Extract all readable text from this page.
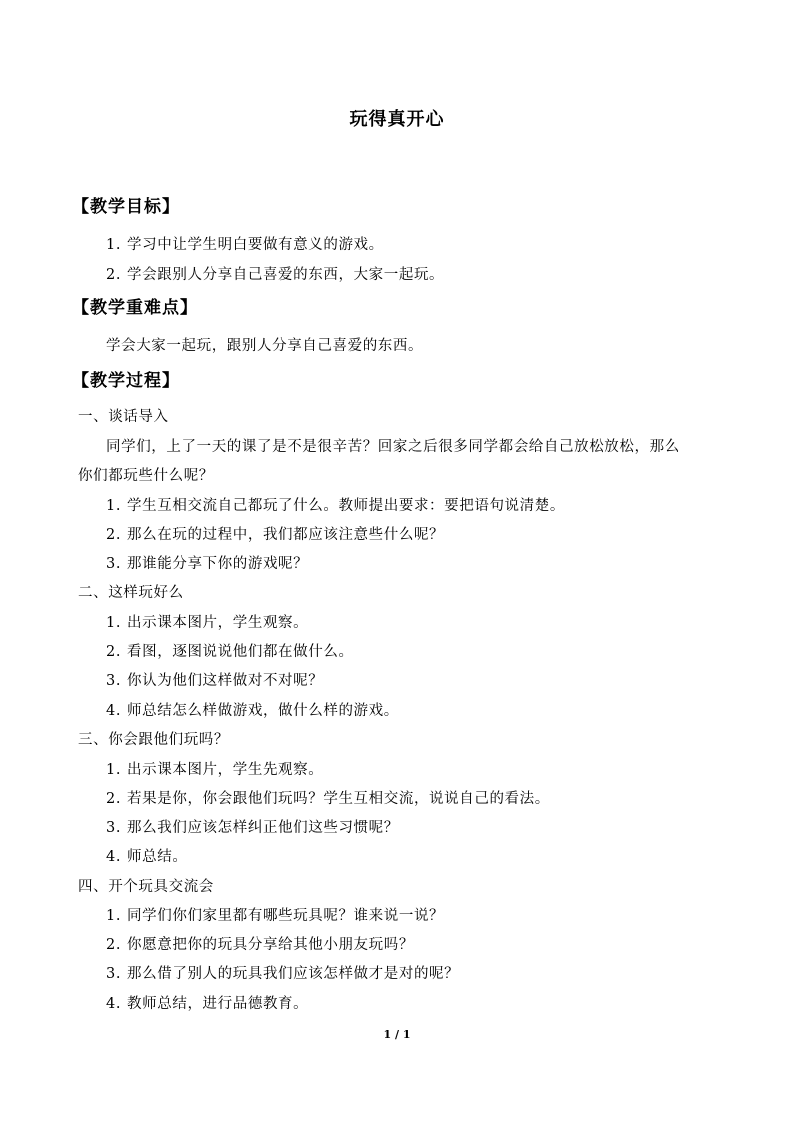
玩得真开心
【教学目标】
1. 学习中让学生明白要做有意义的游戏。
2. 学会跟别人分享自己喜爱的东西，大家一起玩。
【教学重难点】
学会大家一起玩，跟别人分享自己喜爱的东西。
【教学过程】
一、谈话导入
同学们，上了一天的课了是不是很辛苦？回家之后很多同学都会给自己放松放松，那么
你们都玩些什么呢？
1. 学生互相交流自己都玩了什么。教师提出要求：要把语句说清楚。
2. 那么在玩的过程中，我们都应该注意些什么呢？
3. 那谁能分享下你的游戏呢？
二、这样玩好么
1. 出示课本图片，学生观察。
2. 看图，逐图说说他们都在做什么。
3. 你认为他们这样做对不对呢？
4. 师总结怎么样做游戏，做什么样的游戏。
三、你会跟他们玩吗？
1. 出示课本图片，学生先观察。
2. 若果是你，你会跟他们玩吗？学生互相交流，说说自己的看法。
3. 那么我们应该怎样纠正他们这些习惯呢？
4. 师总结。
四、开个玩具交流会
1. 同学们你们家里都有哪些玩具呢？谁来说一说？
2. 你愿意把你的玩具分享给其他小朋友玩吗？
3. 那么借了别人的玩具我们应该怎样做才是对的呢？
4. 教师总结，进行品德教育。
1 / 1
